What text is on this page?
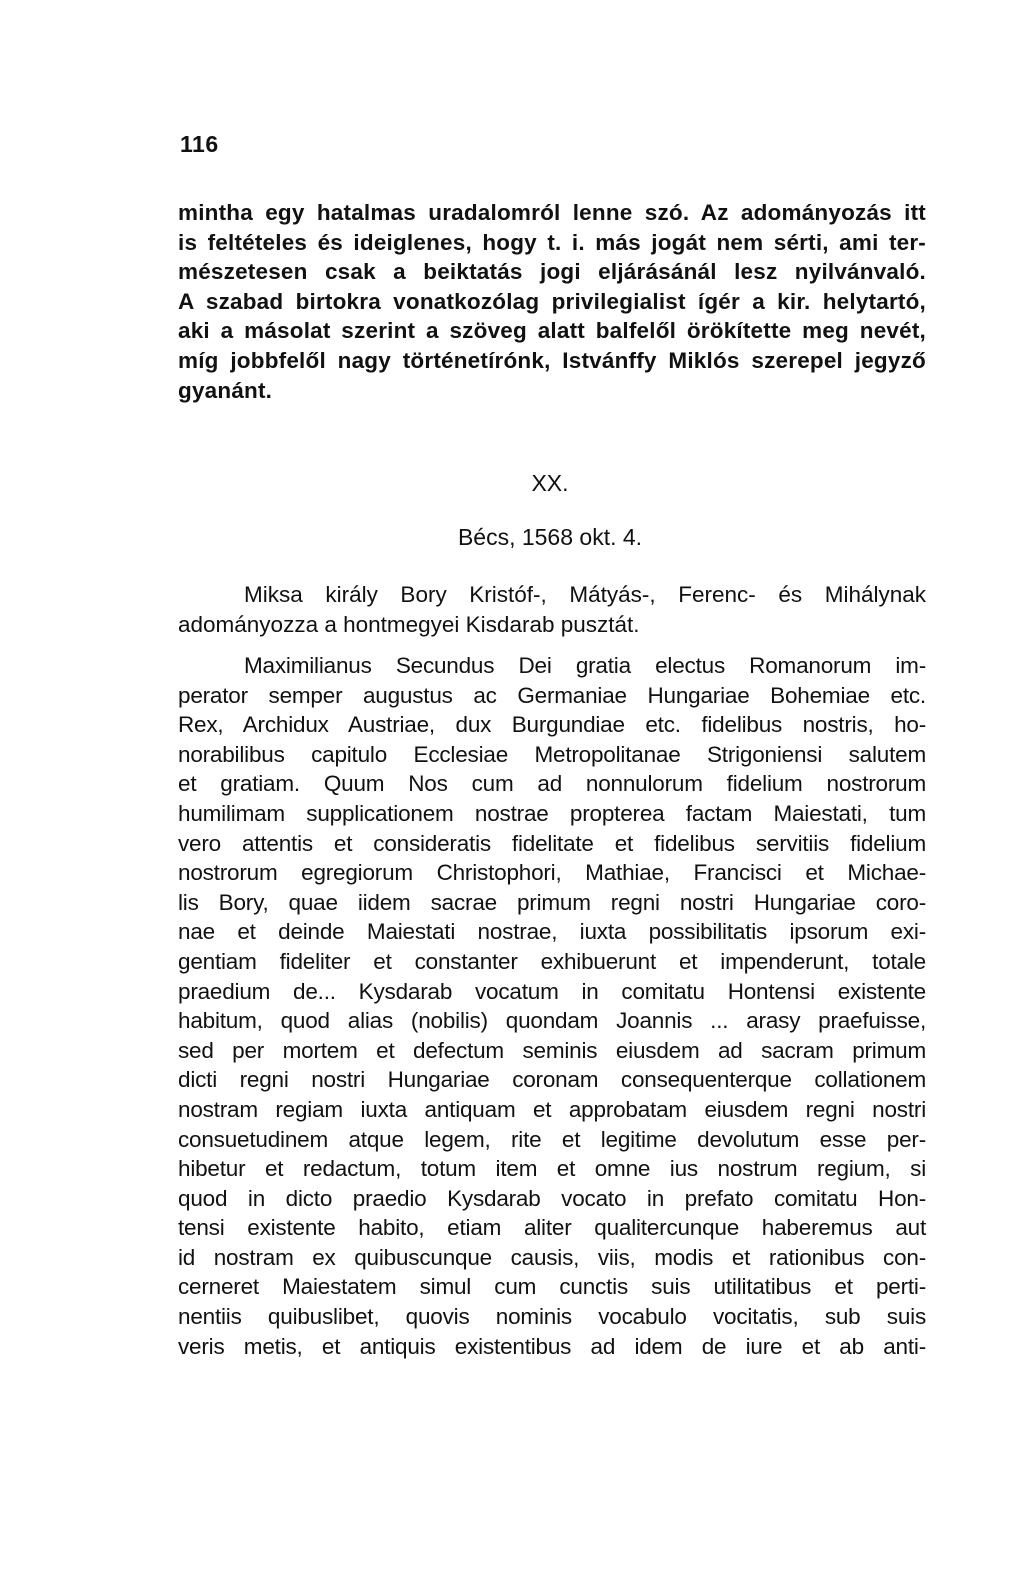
116
mintha egy hatalmas uradalomról lenne szó. Az adományozás itt
is feltételes és ideiglenes, hogy t. i. más jogát nem sérti, ami ter-
mészetesen csak a beiktatás jogi eljárásánál lesz nyilvánvaló.
A szabad birtokra vonatkozólag privilegialist ígér a kir. helytartó,
aki a másolat szerint a szöveg alatt balfelől örökítette meg nevét,
míg jobbfelől nagy történetírónk, Istvánffy Miklós szerepel jegyző
gyanánt.
XX.
Bécs, 1568 okt. 4.
Miksa király Bory Kristóf-, Mátyás-, Ferenc- és Mihálynak
adományozza a hontmegyei Kisdarab pusztát.
Maximilianus Secundus Dei gratia electus Romanorum im-
perator semper augustus ac Germaniae Hungariae Bohemiae etc.
Rex, Archidux Austriae, dux Burgundiae etc. fidelibus nostris, ho-
norabilibus capitulo Ecclesiae Metropolitanae Strigoniensi salutem
et gratiam. Quum Nos cum ad nonnulorum fidelium nostrorum
humilimam supplicationem nostrae propterea factam Maiestati, tum
vero attentis et consideratis fidelitate et fidelibus servitiis fidelium
nostrorum egregiorum Christophori, Mathiae, Francisci et Michae-
lis Bory, quae iidem sacrae primum regni nostri Hungariae coro-
nae et deinde Maiestati nostrae, iuxta possibilitatis ipsorum exi-
gentiam fideliter et constanter exhibuerunt et impenderunt, totale
praedium de... Kysdarab vocatum in comitatu Hontensi existente
habitum, quod alias (nobilis) quondam Joannis ... arasy praefuisse,
sed per mortem et defectum seminis eiusdem ad sacram primum
dicti regni nostri Hungariae coronam consequenterque collationem
nostram regiam iuxta antiquam et approbatam eiusdem regni nostri
consuetudinem atque legem, rite et legitime devolutum esse per-
hibetur et redactum, totum item et omne ius nostrum regium, si
quod in dicto praedio Kysdarab vocato in prefato comitatu Hon-
tensi existente habito, etiam aliter qualitercunque haberemus aut
id nostram ex quibuscunque causis, viis, modis et rationibus con-
cerneret Maiestatem simul cum cunctis suis utilitatibus et perti-
nentiis quibuslibet, quovis nominis vocabulo vocitatis, sub suis
veris metis, et antiquis existentibus ad idem de iure et ab anti-
